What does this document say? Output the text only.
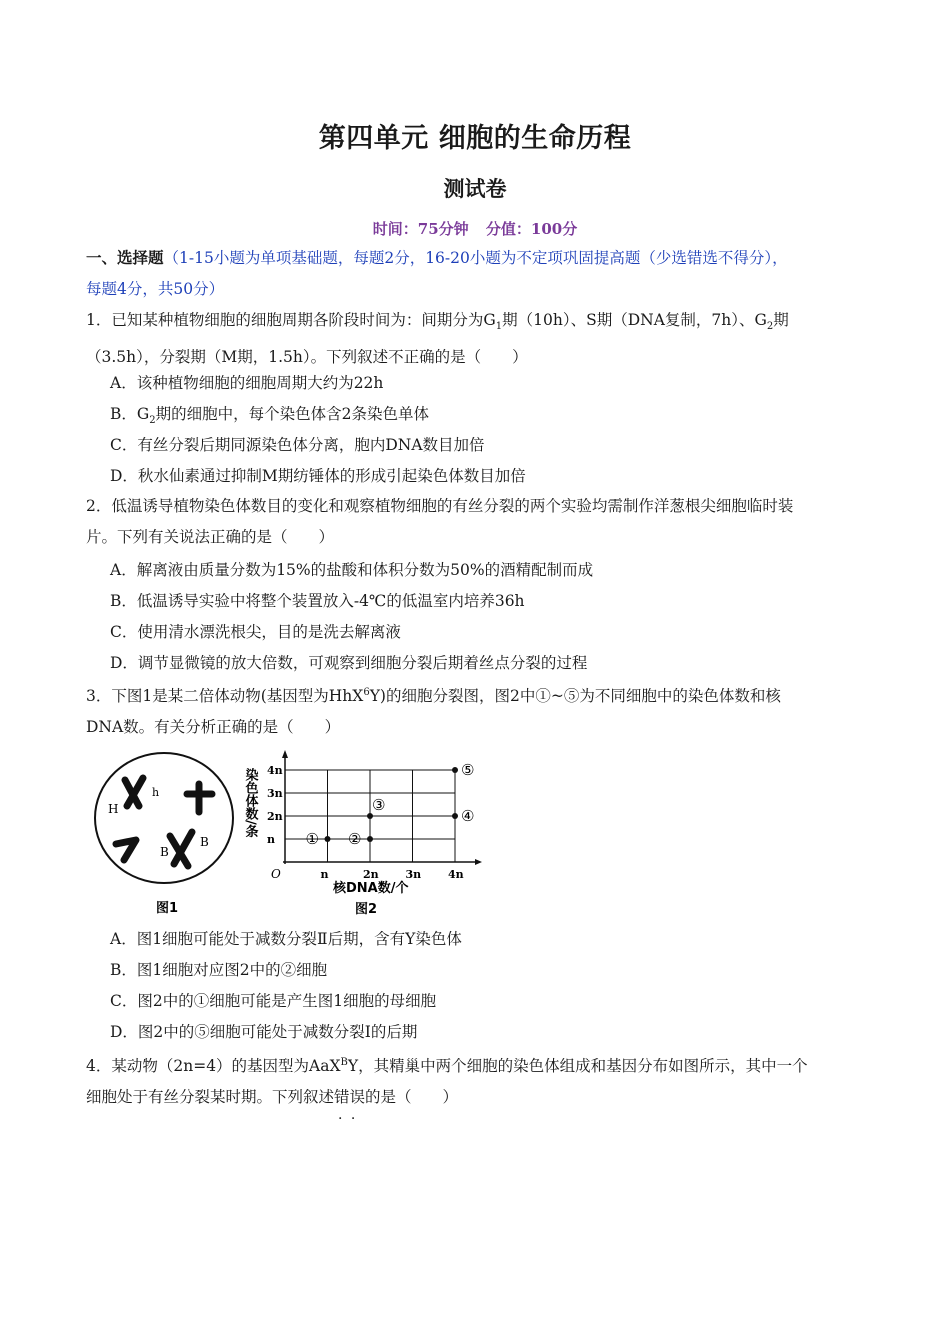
第四单元 细胞的生命历程
测试卷
时间：75分钟 分值：100分
一、选择题（1-15小题为单项基础题，每题2分，16-20小题为不定项巩固提高题（少选错选不得分），
每题4分，共50分）
1．已知某种植物细胞的细胞周期各阶段时间为：间期分为$G_1$期（10h）、S期（DNA复制，7h）、$G_2$期
（3.5h），分裂期（M期，1.5h）。下列叙述不正确的是（　　）
A．该种植物细胞的细胞周期大约为22h
B．$G_2$期的细胞中，每个染色体含2条染色单体
C．有丝分裂后期同源染色体分离，胞内DNA数目加倍
D．秋水仙素通过抑制M期纺锤体的形成引起染色体数目加倍
2．低温诱导植物染色体数目的变化和观察植物细胞的有丝分裂的两个实验均需制作洋葱根尖细胞临时装
片。下列有关说法正确的是（　　）
A．解离液由质量分数为15%的盐酸和体积分数为50%的酒精配制而成
B．低温诱导实验中将整个装置放入-4℃的低温室内培养36h
C．使用清水漂洗根尖，目的是洗去解离液
D．调节显微镜的放大倍数，可观察到细胞分裂后期着丝点分裂的过程
3．下图1是某二倍体动物(基因型为HhX$^6$Y)的细胞分裂图，图2中①~⑤为不同细胞中的染色体数和核
DNA数。有关分析正确的是（　　）
h
H
B
B
图1
n	2n 3n 4n
n
2n
3n
4n
O
染色体数/条
核DNA数/个
图2
① ②
③
④
⑤
A．图1细胞可能处于减数分裂Ⅱ后期，含有Y染色体
B．图1细胞对应图2中的②细胞
C．图2中的①细胞可能是产生图1细胞的母细胞
D．图2中的⑤细胞可能处于减数分裂Ⅰ的后期
4．某动物（2n=4）的基因型为AaX$^B$Y，其精巢中两个细胞的染色体组成和基因分布如图所示，其中一个
细胞处于有丝分裂某时期。下列叙述错误 · ·的是（　　）
